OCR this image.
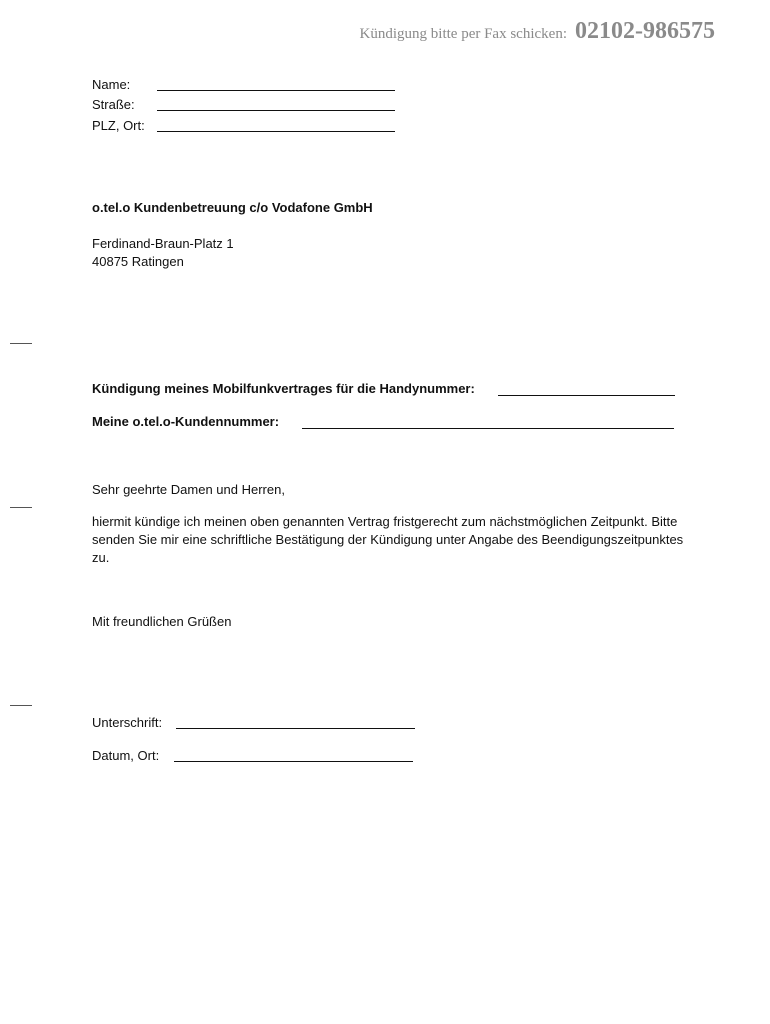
Kündigung bitte per Fax schicken: 02102-986575
Name:
Straße:
PLZ, Ort:
o.tel.o Kundenbetreuung c/o Vodafone GmbH
Ferdinand-Braun-Platz 1
40875 Ratingen
Kündigung meines Mobilfunkvertrages für die Handynummer:
Meine o.tel.o-Kundennummer:
Sehr geehrte Damen und Herren,
hiermit kündige ich meinen oben genannten Vertrag fristgerecht zum nächstmöglichen Zeitpunkt. Bitte senden Sie mir eine schriftliche Bestätigung der Kündigung unter Angabe des Beendigungszeitpunktes zu.
Mit freundlichen Grüßen
Unterschrift:
Datum, Ort:
